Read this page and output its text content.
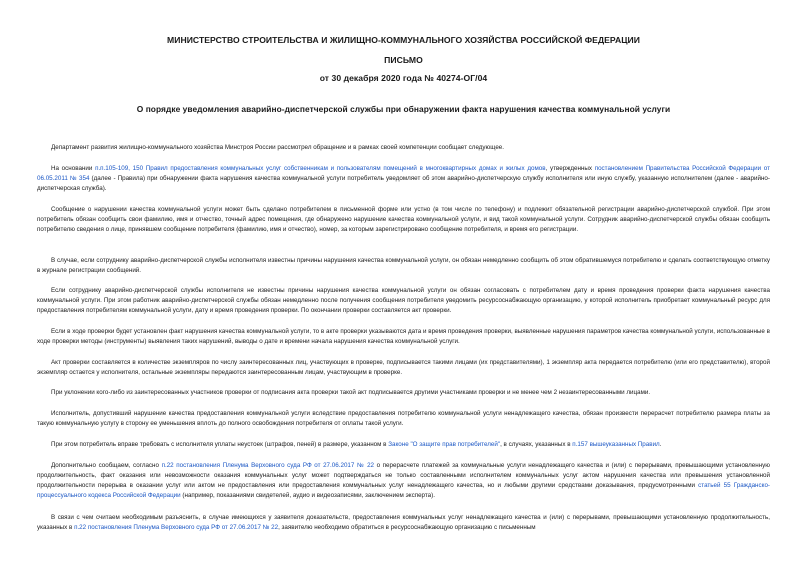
МИНИСТЕРСТВО СТРОИТЕЛЬСТВА И ЖИЛИЩНО-КОММУНАЛЬНОГО ХОЗЯЙСТВА РОССИЙСКОЙ ФЕДЕРАЦИИ
ПИСЬМО
от 30 декабря 2020 года № 40274-ОГ/04
О порядке уведомления аварийно-диспетчерской службы при обнаружении факта нарушения качества коммунальной услуги
Департамент развития жилищно-коммунального хозяйства Минстроя России рассмотрел обращение и в рамках своей компетенции сообщает следующее.
На основании п.п.105-109, 150 Правил предоставления коммунальных услуг собственникам и пользователям помещений в многоквартирных домах и жилых домов, утвержденных постановлением Правительства Российской Федерации от 06.05.2011 № 354 (далее - Правила) при обнаружении факта нарушения качества коммунальной услуги потребитель уведомляет об этом аварийно-диспетчерскую службу исполнителя или иную службу, указанную исполнителем (далее - аварийно-диспетчерская служба).
Сообщение о нарушении качества коммунальной услуги может быть сделано потребителем в письменной форме или устно (в том числе по телефону) и подлежит обязательной регистрации аварийно-диспетчерской службой. При этом потребитель обязан сообщить свои фамилию, имя и отчество, точный адрес помещения, где обнаружено нарушение качества коммунальной услуги, и вид такой коммунальной услуги. Сотрудник аварийно-диспетчерской службы обязан сообщить потребителю сведения о лице, принявшем сообщение потребителя (фамилию, имя и отчество), номер, за которым зарегистрировано сообщение потребителя, и время его регистрации.
В случае, если сотруднику аварийно-диспетчерской службы исполнителя известны причины нарушения качества коммунальной услуги, он обязан немедленно сообщить об этом обратившемуся потребителю и сделать соответствующую отметку в журнале регистрации сообщений.
Если сотруднику аварийно-диспетчерской службы исполнителя не известны причины нарушения качества коммунальной услуги он обязан согласовать с потребителем дату и время проведения проверки факта нарушения качества коммунальной услуги. При этом работник аварийно-диспетчерской службы обязан немедленно после получения сообщения потребителя уведомить ресурсоснабжающую организацию, у которой исполнитель приобретает коммунальный ресурс для предоставления потребителям коммунальной услуги, дату и время проведения проверки. По окончании проверки составляется акт проверки.
Если в ходе проверки будет установлен факт нарушения качества коммунальной услуги, то в акте проверки указываются дата и время проведения проверки, выявленные нарушения параметров качества коммунальной услуги, использованные в ходе проверки методы (инструменты) выявления таких нарушений, выводы о дате и времени начала нарушения качества коммунальной услуги.
Акт проверки составляется в количестве экземпляров по числу заинтересованных лиц, участвующих в проверке, подписывается такими лицами (их представителями), 1 экземпляр акта передается потребителю (или его представителю), второй экземпляр остается у исполнителя, остальные экземпляры передаются заинтересованным лицам, участвующим в проверке.
При уклонении кого-либо из заинтересованных участников проверки от подписания акта проверки такой акт подписывается другими участниками проверки и не менее чем 2 незаинтересованными лицами.
Исполнитель, допустивший нарушение качества предоставления коммунальной услуги вследствие предоставления потребителю коммунальной услуги ненадлежащего качества, обязан произвести перерасчет потребителю размера платы за такую коммунальную услугу в сторону ее уменьшения вплоть до полного освобождения потребителя от оплаты такой услуги.
При этом потребитель вправе требовать с исполнителя уплаты неустоек (штрафов, пеней) в размере, указанном в Законе "О защите прав потребителей", в случаях, указанных в п.157 вышеуказанных Правил.
Дополнительно сообщаем, согласно п.22 постановления Пленума Верховного суда РФ от 27.06.2017 № 22 о перерасчете платежей за коммунальные услуги ненадлежащего качества и (или) с перерывами, превышающими установленную продолжительность, факт оказания или невозможности оказания коммунальных услуг может подтверждаться не только составленными исполнителем коммунальных услуг актом нарушения качества или превышения установленной продолжительности перерыва в оказании услуг или актом не предоставления или предоставления коммунальных услуг ненадлежащего качества, но и любыми другими средствами доказывания, предусмотренными статьей 55 Гражданско-процессуального кодекса Российской Федерации (например, показаниями свидетелей, аудио и видеозаписями, заключением эксперта).
В связи с чем считаем необходимым разъяснить, в случае имеющихся у заявителя доказательств, предоставления коммунальных услуг ненадлежащего качества и (или) с перерывами, превышающими установленную продолжительность, указанных в п.22 постановления Пленума Верховного суда РФ от 27.06.2017 № 22, заявителю необходимо обратиться в ресурсоснабжающую организацию с письменным
